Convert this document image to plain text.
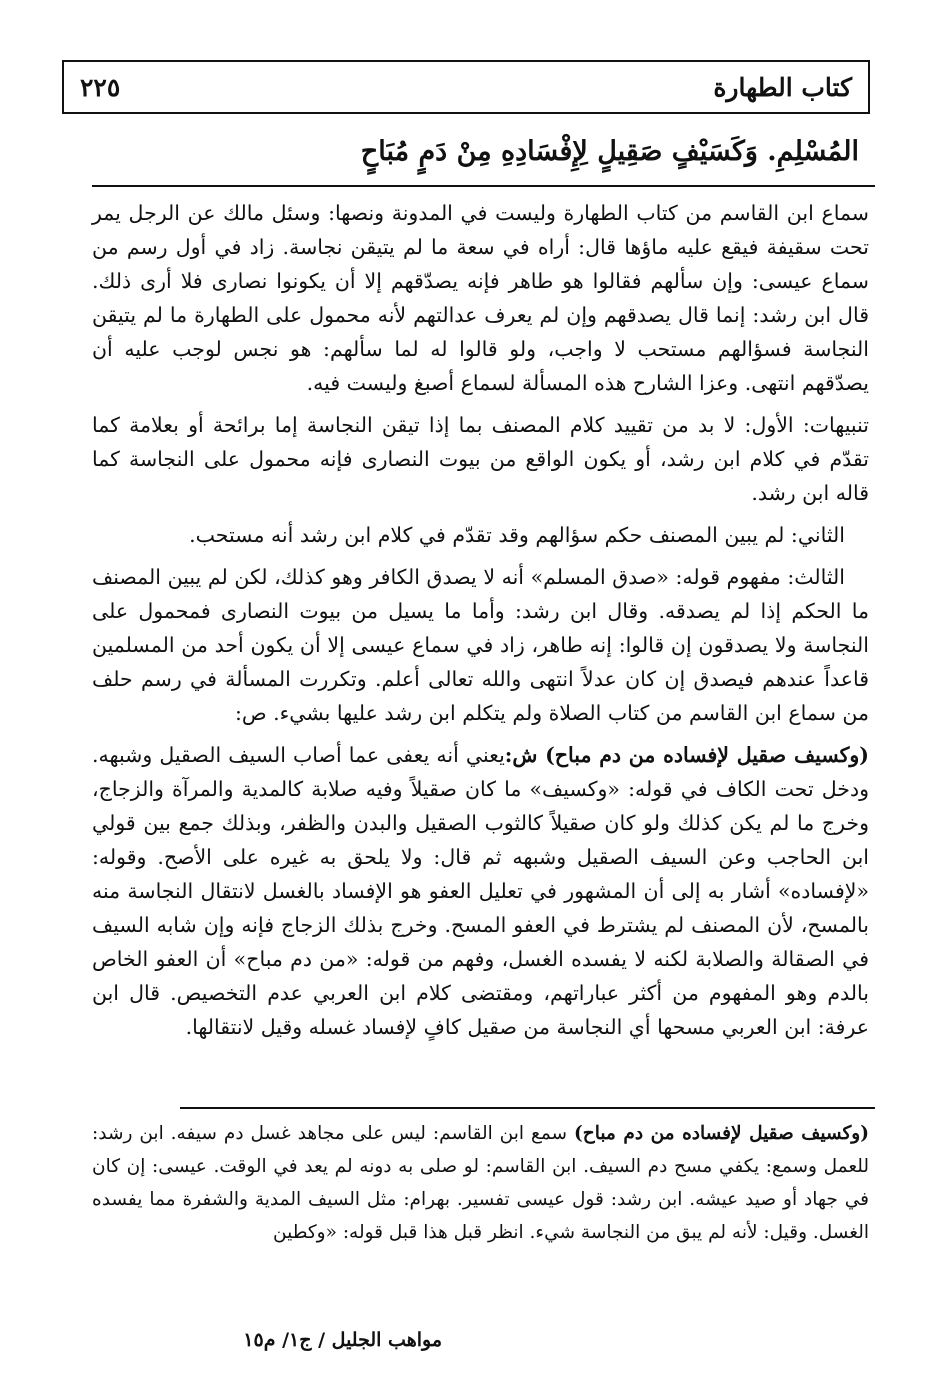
كتاب الطهارة
٢٢٥
المُسْلِمِ. وَكَسَيْفٍ صَقِيلٍ لِإِفْسَادِهِ مِنْ دَمٍ مُبَاحٍ

سماع ابن القاسم من كتاب الطهارة وليست في المدونة ونصها: وسئل مالك عن الرجل يمر تحت سقيفة فيقع عليه ماؤها قال: أراه في سعة ما لم يتيقن نجاسة. زاد في أول رسم من سماع عيسى: وإن سألهم فقالوا هو طاهر فإنه يصدّقهم إلا أن يكونوا نصارى فلا أرى ذلك. قال ابن رشد: إنما قال يصدقهم وإن لم يعرف عدالتهم لأنه محمول على الطهارة ما لم يتيقن النجاسة فسؤالهم مستحب لا واجب، ولو قالوا له لما سألهم: هو نجس لوجب عليه أن يصدّقهم انتهى. وعزا الشارح هذه المسألة لسماع أصبغ وليست فيه.

تنبيهات: الأول: لا بد من تقييد كلام المصنف بما إذا تيقن النجاسة إما برائحة أو بعلامة كما تقدّم في كلام ابن رشد، أو يكون الواقع من بيوت النصارى فإنه محمول على النجاسة كما قاله ابن رشد.

الثاني: لم يبين المصنف حكم سؤالهم وقد تقدّم في كلام ابن رشد أنه مستحب.

الثالث: مفهوم قوله: «صدق المسلم» أنه لا يصدق الكافر وهو كذلك، لكن لم يبين المصنف ما الحكم إذا لم يصدقه. وقال ابن رشد: وأما ما يسيل من بيوت النصارى فمحمول على النجاسة ولا يصدقون إن قالوا: إنه طاهر، زاد في سماع عيسى إلا أن يكون أحد من المسلمين قاعداً عندهم فيصدق إن كان عدلاً انتهى والله تعالى أعلم. وتكررت المسألة في رسم حلف من سماع ابن القاسم من كتاب الصلاة ولم يتكلم ابن رشد عليها بشيء. ص:

(وكسيف صقيل لإفساده من دم مباح) ش:يعني أنه يعفى عما أصاب السيف الصقيل وشبهه. ودخل تحت الكاف في قوله: «وكسيف» ما كان صقيلاً وفيه صلابة كالمدية والمرآة والزجاج، وخرج ما لم يكن كذلك ولو كان صقيلاً كالثوب الصقيل والبدن والظفر، وبذلك جمع بين قولي ابن الحاجب وعن السيف الصقيل وشبهه ثم قال: ولا يلحق به غيره على الأصح. وقوله: «لإفساده» أشار به إلى أن المشهور في تعليل العفو هو الإفساد بالغسل لانتقال النجاسة منه بالمسح، لأن المصنف لم يشترط في العفو المسح. وخرج بذلك الزجاج فإنه وإن شابه السيف في الصقالة والصلابة لكنه لا يفسده الغسل، وفهم من قوله: «من دم مباح» أن العفو الخاص بالدم وهو المفهوم من أكثر عباراتهم، ومقتضى كلام ابن العربي عدم التخصيص. قال ابن عرفة: ابن العربي مسحها أي النجاسة من صقيل كافٍ لإفساد غسله وقيل لانتقالها.

(وكسيف صقيل لإفساده من دم مباح) سمع ابن القاسم: ليس على مجاهد غسل دم سيفه. ابن رشد: للعمل وسمع: يكفي مسح دم السيف. ابن القاسم: لو صلى به دونه لم يعد في الوقت. عيسى: إن كان في جهاد أو صيد عيشه. ابن رشد: قول عيسى تفسير. بهرام: مثل السيف المدية والشفرة مما يفسده الغسل. وقيل: لأنه لم يبق من النجاسة شيء. انظر قبل هذا قبل قوله: «وكطين

مواهب الجليل / ج١/ م١٥
